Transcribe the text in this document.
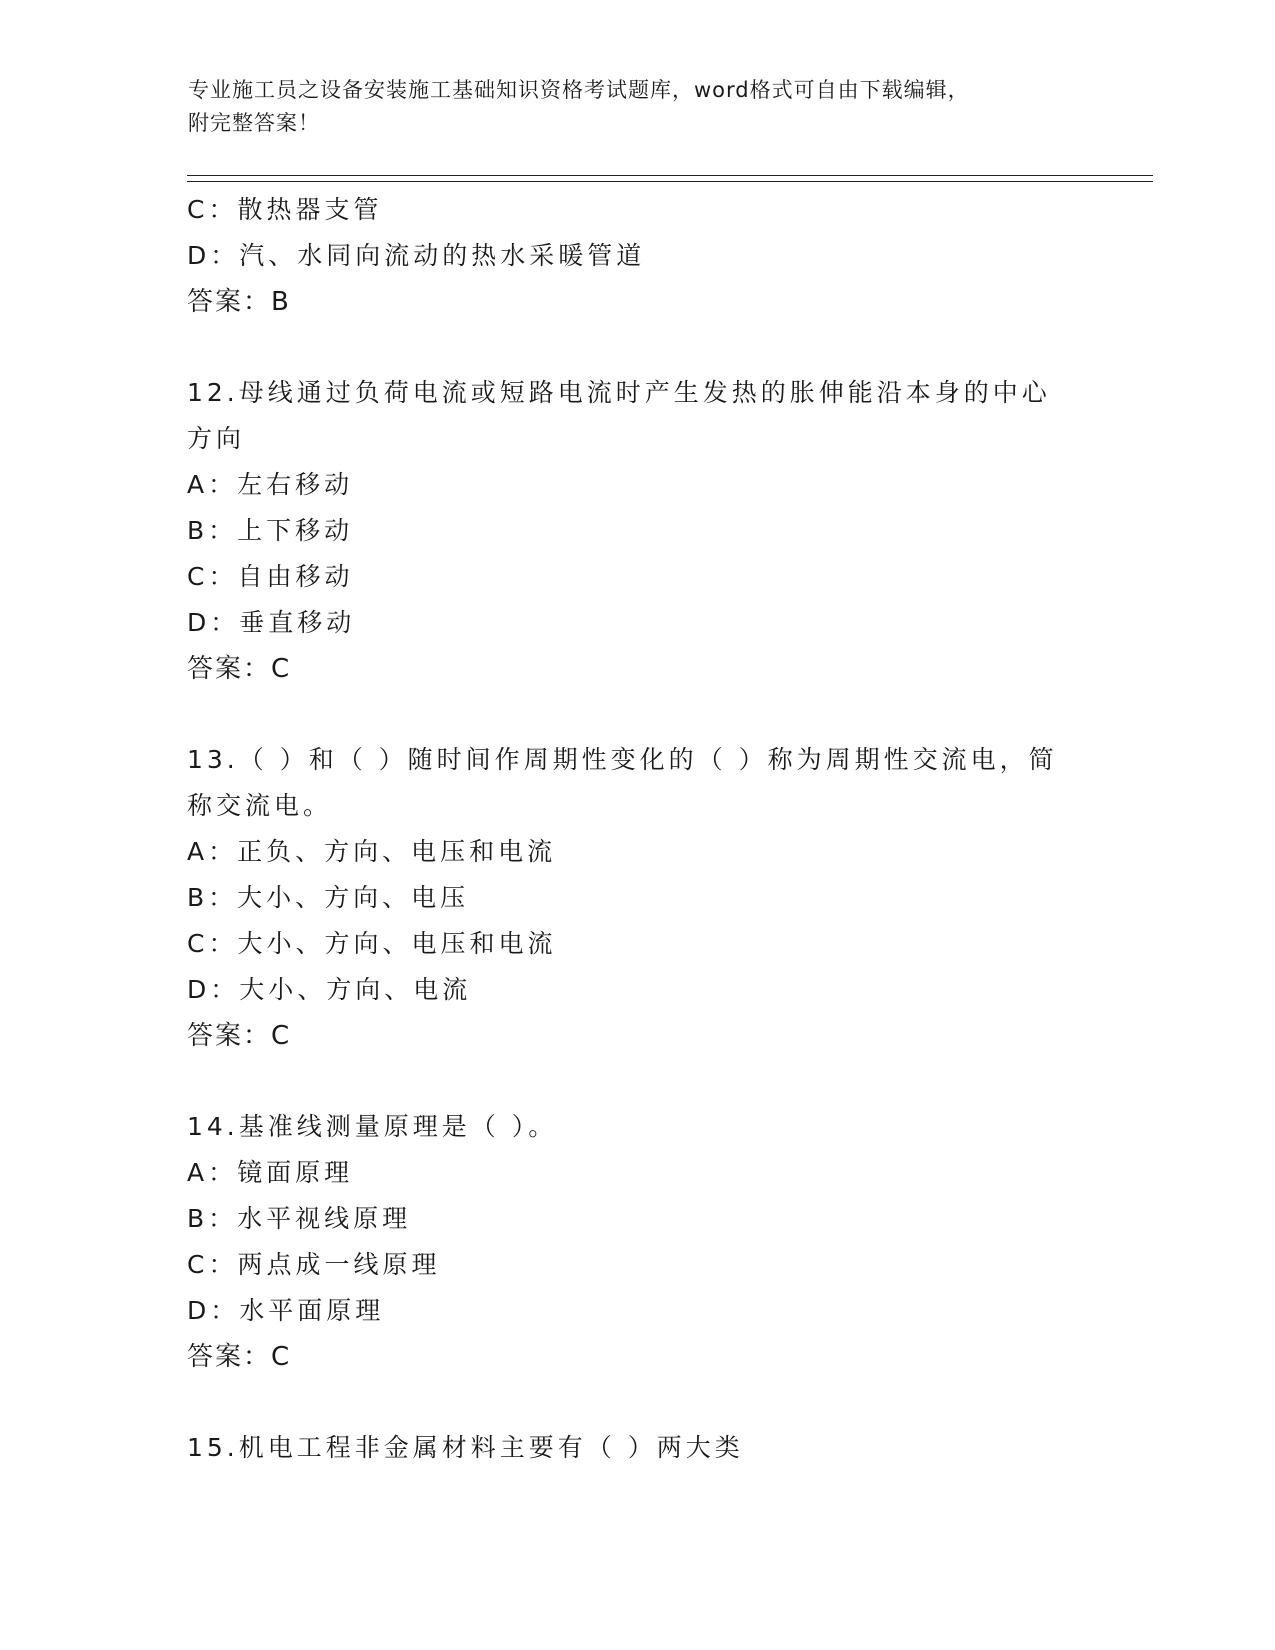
专业施工员之设备安装施工基础知识资格考试题库，word格式可自由下载编辑，
附完整答案！
C：散热器支管
D：汽、水同向流动的热水采暖管道
答案：B
12.母线通过负荷电流或短路电流时产生发热的胀伸能沿本身的中心方向
A：左右移动
B：上下移动
C：自由移动
D：垂直移动
答案：C
13.（ ）和（ ）随时间作周期性变化的（ ）称为周期性交流电，简称交流电。
A：正负、方向、电压和电流
B：大小、方向、电压
C：大小、方向、电压和电流
D：大小、方向、电流
答案：C
14.基准线测量原理是（ ）。
A：镜面原理
B：水平视线原理
C：两点成一线原理
D：水平面原理
答案：C
15.机电工程非金属材料主要有（ ）两大类
